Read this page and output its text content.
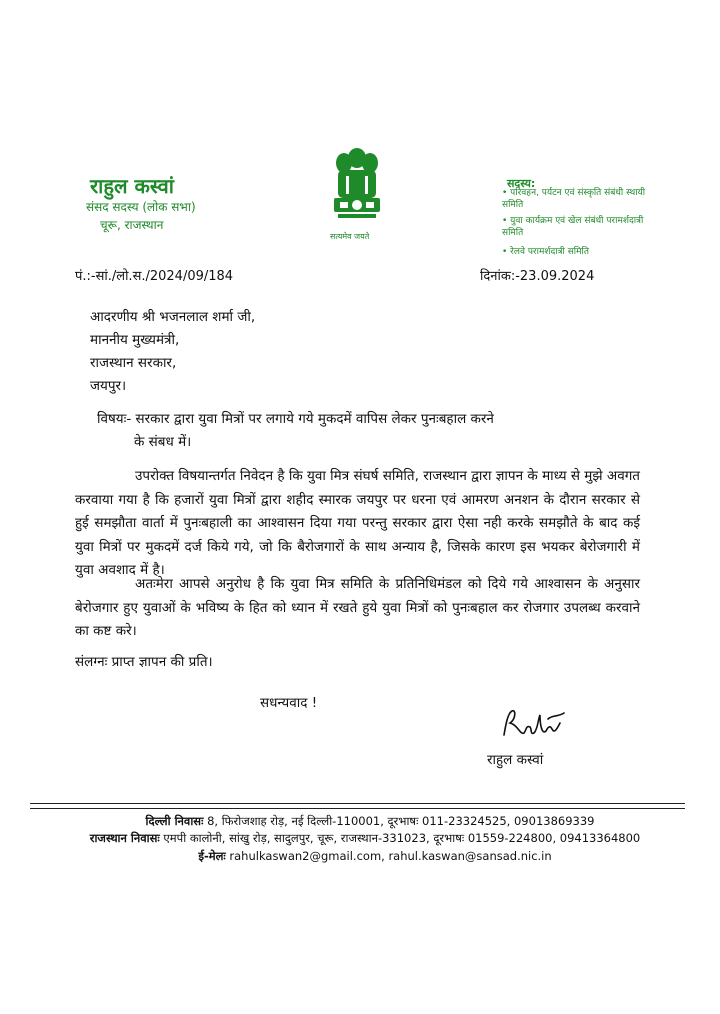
राहुल कस्वां
संसद सदस्य (लोक सभा)
चूरू, राजस्थान
सत्यमेव जयते
सदस्य:
• परिवहन, पर्यटन एवं संस्कृति संबंधी स्थायी समिति
• युवा कार्यक्रम एवं खेल संबंधी परामर्शदात्री समिति
• रेलवे परामर्शदात्री समिति
पं.:-सां./लो.स./2024/09/184	दिनांक:-23.09.2024
आदरणीय श्री भजनलाल शर्मा जी,
माननीय मुख्यमंत्री,
राजस्थान सरकार,
जयपुर।
विषयः- सरकार द्वारा युवा मित्रों पर लगाये गये मुकदमें वापिस लेकर पुनःबहाल करने
के संबध में।
उपरोक्त विषयान्तर्गत निवेदन है कि युवा मित्र संघर्ष समिति, राजस्थान द्वारा ज्ञापन के माध्य से मुझे अवगत करवाया गया है कि हजारों युवा मित्रों द्वारा शहीद स्मारक जयपुर पर धरना एवं आमरण अनशन के दौरान सरकार से हुई समझौता वार्ता में पुनःबहाली का आश्वासन दिया गया परन्तु सरकार द्वारा ऐसा नही करके समझौते के बाद कई युवा मित्रों पर मुकदमें दर्ज किये गये, जो कि बैरोजगारों के साथ अन्याय है, जिसके कारण इस भयकर बेरोजगारी में युवा अवशाद में है।
अतःमेरा आपसे अनुरोध है कि युवा मित्र समिति के प्रतिनिधिमंडल को दिये गये आश्वासन के अनुसार बेरोजगार हुए युवाओं के भविष्य के हित को ध्यान में रखते हुये युवा मित्रों को पुनःबहाल कर रोजगार उपलब्ध करवाने का कष्ट करे।
संलग्नः प्राप्त ज्ञापन की प्रति।
सधन्यवाद !
राहुल कस्वां
दिल्ली निवासः 8, फिरोजशाह रोड़, नई दिल्ली-110001, दूरभाषः 011-23324525, 09013869339
राजस्थान निवासः एमपी कालोनी, सांखु रोड़, सादुलपुर, चूरू, राजस्थान-331023, दूरभाषः 01559-224800, 09413364800
ई-मेलः rahulkaswan2@gmail.com, rahul.kaswan@sansad.nic.in
